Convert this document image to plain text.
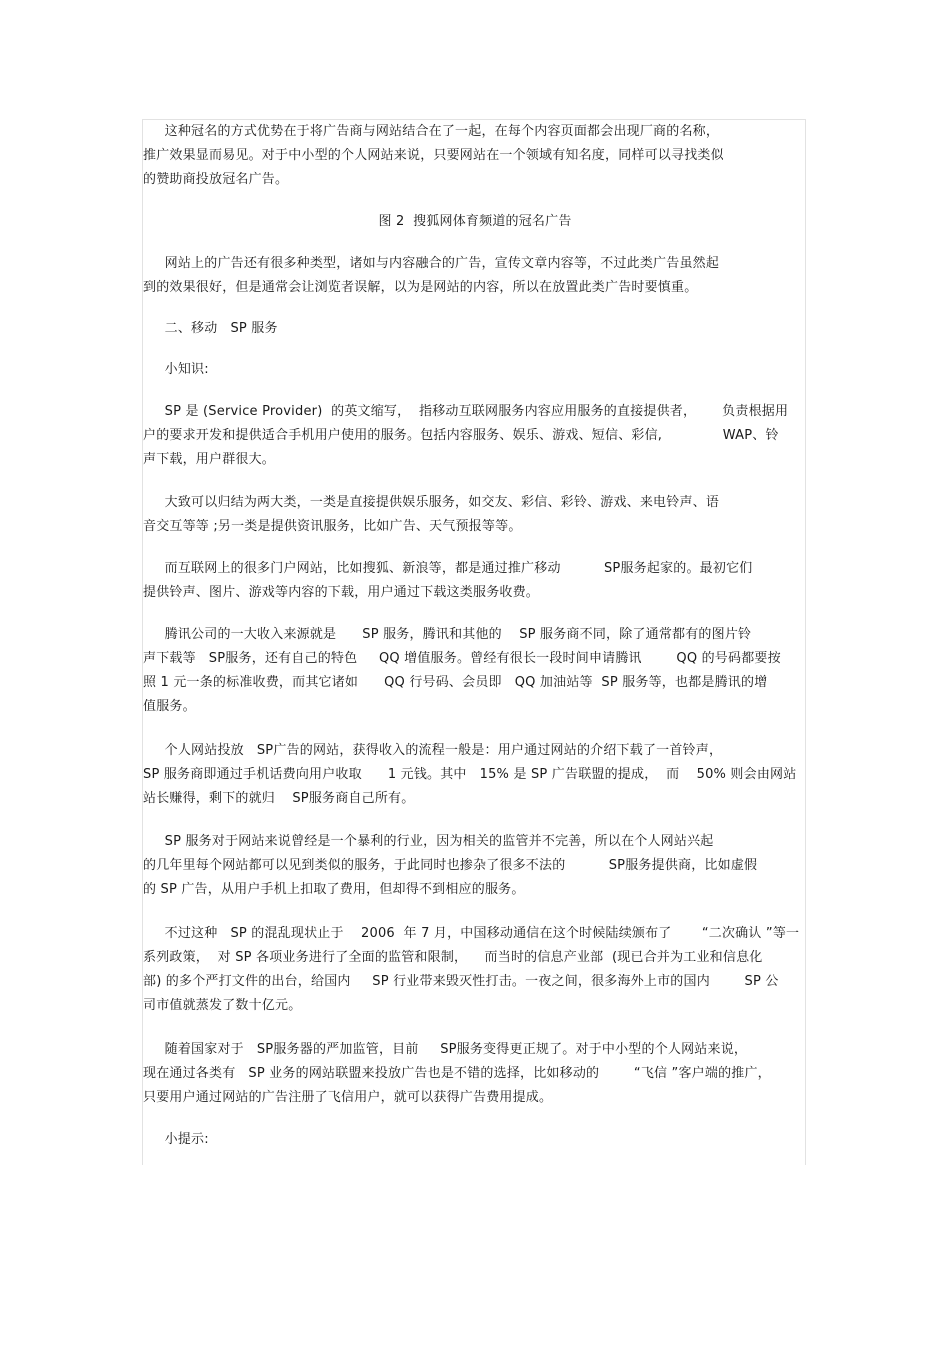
这种冠名的方式优势在于将广告商与网站结合在了一起，在每个内容页面都会出现厂商的名称，
推广效果显而易见。对于中小型的个人网站来说，只要网站在一个领域有知名度，同样可以寻找类似
的赞助商投放冠名广告。
图 2  搜狐网体育频道的冠名广告
网站上的广告还有很多种类型，诸如与内容融合的广告，宣传文章内容等，不过此类广告虽然起
到的效果很好，但是通常会让浏览者误解，以为是网站的内容，所以在放置此类广告时要慎重。
二、移动   SP 服务
小知识:
SP 是 (Service Provider)  的英文缩写，  指移动互联网服务内容应用服务的直接提供者，      负责根据用
户的要求开发和提供适合手机用户使用的服务。包括内容服务、娱乐、游戏、短信、彩信,              WAP、铃
声下载，用户群很大。
大致可以归结为两大类，一类是直接提供娱乐服务，如交友、彩信、彩铃、游戏、来电铃声、语
音交互等等 ;另一类是提供资讯服务，比如广告、天气预报等等。
而互联网上的很多门户网站，比如搜狐、新浪等，都是通过推广移动          SP服务起家的。最初它们
提供铃声、图片、游戏等内容的下载，用户通过下载这类服务收费。
腾讯公司的一大收入来源就是      SP 服务，腾讯和其他的    SP 服务商不同，除了通常都有的图片铃
声下载等   SP服务，还有自己的特色     QQ 增值服务。曾经有很长一段时间申请腾讯        QQ 的号码都要按
照 1 元一条的标准收费，而其它诸如      QQ 行号码、会员即   QQ 加油站等  SP 服务等，也都是腾讯的增
值服务。
个人网站投放   SP广告的网站，获得收入的流程一般是：用户通过网站的介绍下载了一首铃声，
SP 服务商即通过手机话费向用户收取      1 元钱。其中   15% 是 SP 广告联盟的提成，  而    50% 则会由网站
站长赚得，剩下的就归    SP服务商自己所有。
SP 服务对于网站来说曾经是一个暴利的行业，因为相关的监管并不完善，所以在个人网站兴起
的几年里每个网站都可以见到类似的服务，于此同时也掺杂了很多不法的          SP服务提供商，比如虚假
的 SP 广告，从用户手机上扣取了费用，但却得不到相应的服务。
不过这种   SP 的混乱现状止于    2006  年 7 月，中国移动通信在这个时候陆续颁布了       “二次确认 ”等一
系列政策，  对 SP 各项业务进行了全面的监管和限制，    而当时的信息产业部  (现已合并为工业和信息化
部) 的多个严打文件的出台，给国内     SP 行业带来毁灭性打击。一夜之间，很多海外上市的国内        SP 公
司市值就蒸发了数十亿元。
随着国家对于   SP服务器的严加监管，目前     SP服务变得更正规了。对于中小型的个人网站来说，
现在通过各类有   SP 业务的网站联盟来投放广告也是不错的选择，比如移动的        “飞信 ”客户端的推广，
只要用户通过网站的广告注册了飞信用户，就可以获得广告费用提成。
小提示:
